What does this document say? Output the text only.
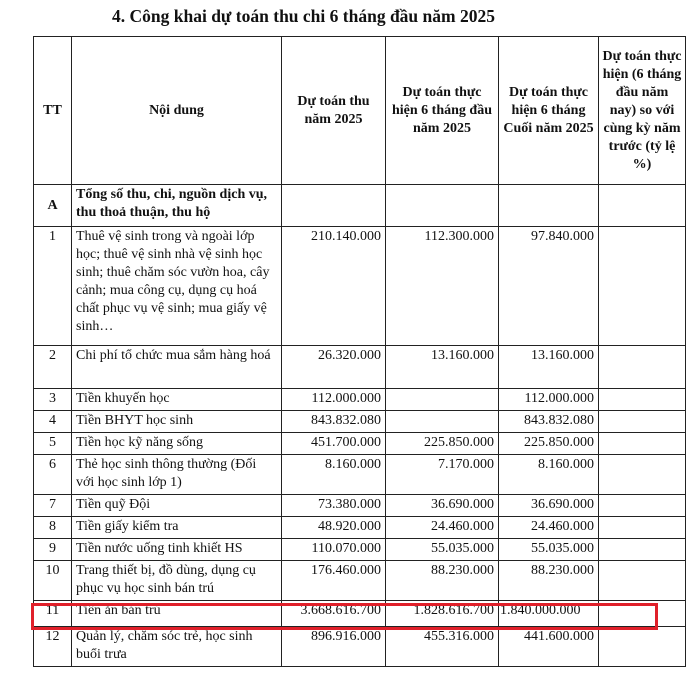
4. Công khai dự toán thu chi 6 tháng đầu năm 2025
TT	Nội dung	Dự toán thu năm 2025	Dự toán thực hiện 6 tháng đầu năm 2025	Dự toán thực hiện 6 tháng Cuối năm 2025	Dự toán thực hiện (6 tháng đầu năm nay) so với cùng kỳ năm trước (tỷ lệ %)
A	Tổng số thu, chi, nguồn dịch vụ, thu thoả thuận, thu hộ				
1	Thuê vệ sinh trong và ngoài lớp học; thuê vệ sinh nhà vệ sinh học sinh; thuê chăm sóc vườn hoa, cây cảnh; mua công cụ, dụng cụ hoá chất phục vụ vệ sinh; mua giấy vệ sinh…	210.140.000	112.300.000	97.840.000	
2	Chi phí tổ chức mua sắm hàng hoá	26.320.000	13.160.000	13.160.000	
3	Tiền khuyến học	112.000.000		112.000.000	
4	Tiền BHYT học sinh	843.832.080		843.832.080	
5	Tiền học kỹ năng sống	451.700.000	225.850.000	225.850.000	
6	Thẻ học sinh thông thường (Đối với học sinh lớp 1)	8.160.000	7.170.000	8.160.000	
7	Tiền quỹ Đội	73.380.000	36.690.000	36.690.000	
8	Tiền giấy kiểm tra	48.920.000	24.460.000	24.460.000	
9	Tiền nước uống tinh khiết HS	110.070.000	55.035.000	55.035.000	
10	Trang thiết bị, đồ dùng, dụng cụ phục vụ học sinh bán trú	176.460.000	88.230.000	88.230.000	
11	Tiền ăn bán trú	3.668.616.700	1.828.616.700	1.840.000.000	
12	Quản lý, chăm sóc trẻ, học sinh buổi trưa	896.916.000	455.316.000	441.600.000	
